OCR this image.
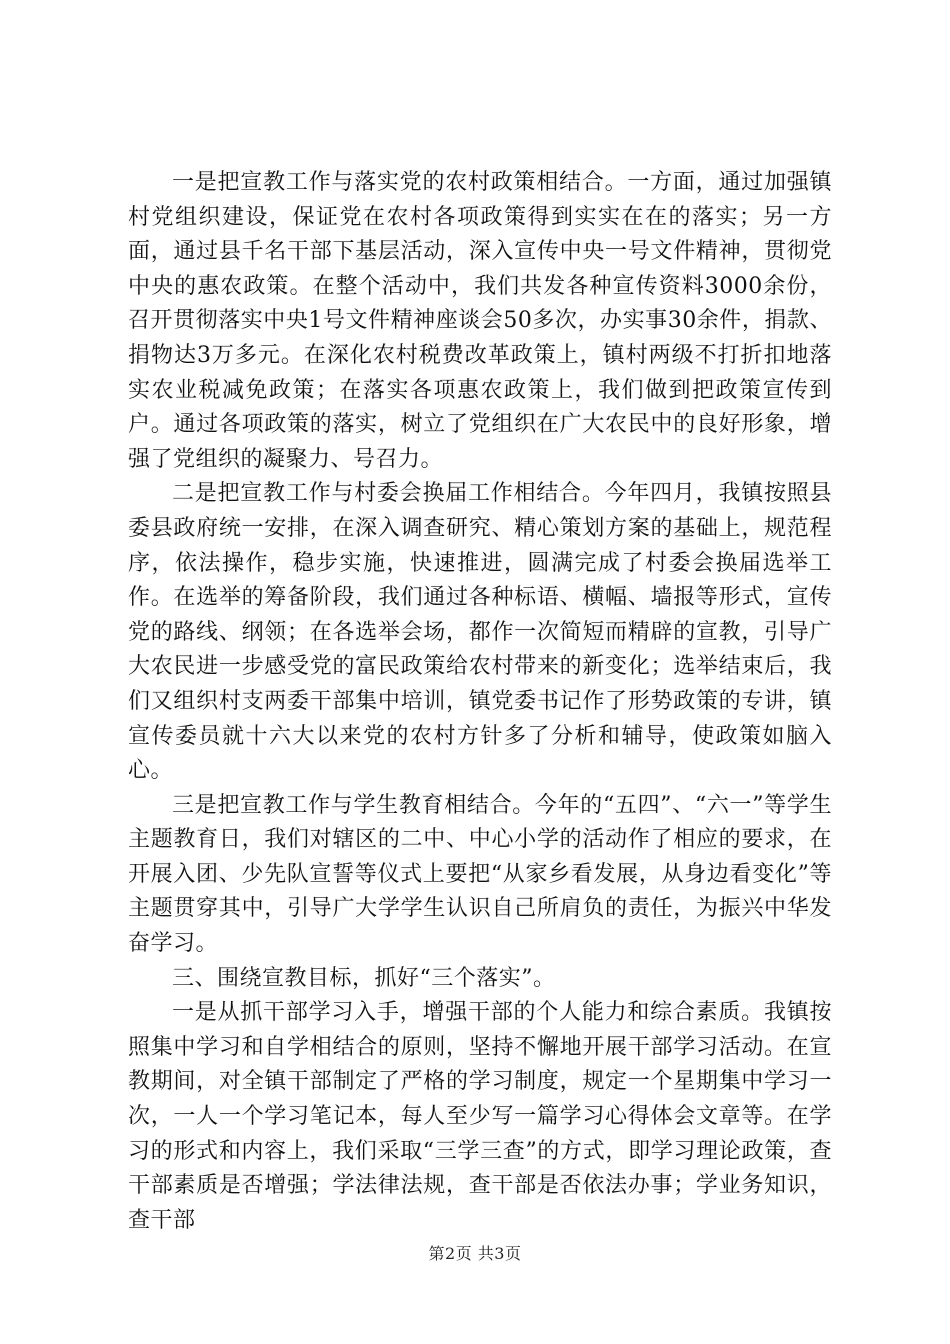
一是把宣教工作与落实党的农村政策相结合。一方面，通过加强镇村党组织建设，保证党在农村各项政策得到实实在在的落实；另一方面，通过县千名干部下基层活动，深入宣传中央一号文件精神，贯彻党中央的惠农政策。在整个活动中，我们共发各种宣传资料3000余份，召开贯彻落实中央1号文件精神座谈会50多次，办实事30余件，捐款、捐物达3万多元。在深化农村税费改革政策上，镇村两级不打折扣地落实农业税减免政策；在落实各项惠农政策上，我们做到把政策宣传到户。通过各项政策的落实，树立了党组织在广大农民中的良好形象，增强了党组织的凝聚力、号召力。

二是把宣教工作与村委会换届工作相结合。今年四月，我镇按照县委县政府统一安排，在深入调查研究、精心策划方案的基础上，规范程序，依法操作，稳步实施，快速推进，圆满完成了村委会换届选举工作。在选举的筹备阶段，我们通过各种标语、横幅、墙报等形式，宣传党的路线、纲领；在各选举会场，都作一次简短而精辟的宣教，引导广大农民进一步感受党的富民政策给农村带来的新变化；选举结束后，我们又组织村支两委干部集中培训，镇党委书记作了形势政策的专讲，镇宣传委员就十六大以来党的农村方针多了分析和辅导，使政策如脑入心。

三是把宣教工作与学生教育相结合。今年的“五四”、“六一”等学生主题教育日，我们对辖区的二中、中心小学的活动作了相应的要求，在开展入团、少先队宣誓等仪式上要把“从家乡看发展，从身边看变化”等主题贯穿其中，引导广大学学生认识自己所肩负的责任，为振兴中华发奋学习。

三、围绕宣教目标，抓好“三个落实”。

一是从抓干部学习入手，增强干部的个人能力和综合素质。我镇按照集中学习和自学相结合的原则，坚持不懈地开展干部学习活动。在宣教期间，对全镇干部制定了严格的学习制度，规定一个星期集中学习一次，一人一个学习笔记本，每人至少写一篇学习心得体会文章等。在学习的形式和内容上，我们采取“三学三查”的方式，即学习理论政策，查干部素质是否增强；学法律法规，查干部是否依法办事；学业务知识，查干部

第2页 共3页
